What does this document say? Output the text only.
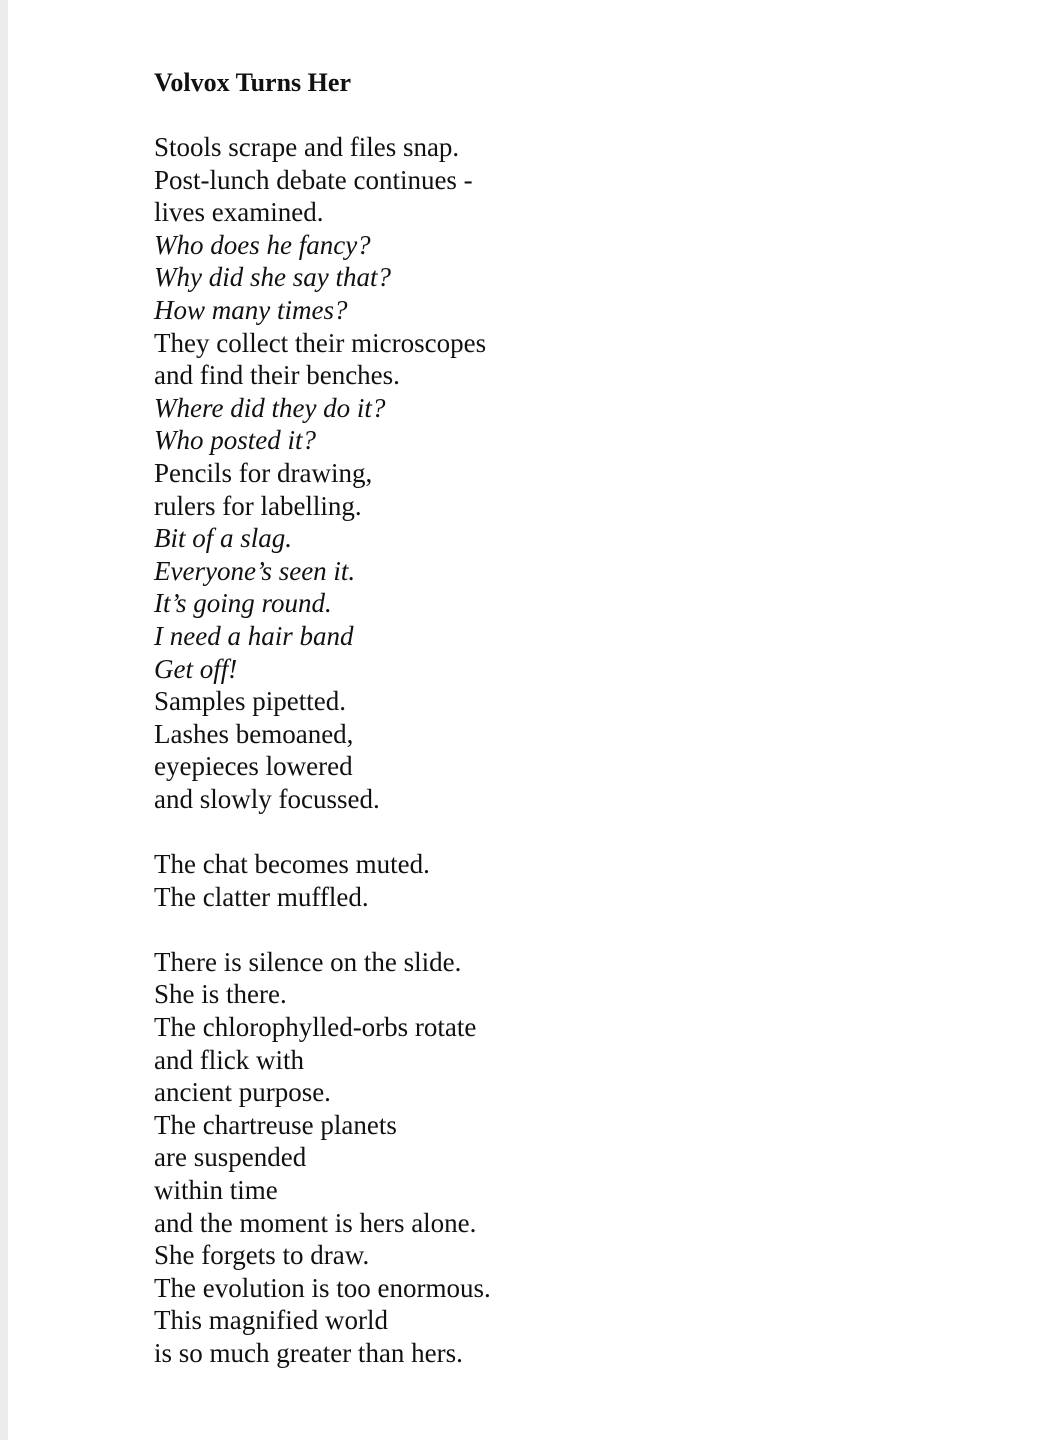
Volvox Turns Her
Stools scrape and files snap.
Post-lunch debate continues -
lives examined.
Who does he fancy?
Why did she say that?
How many times?
They collect their microscopes
and find their benches.
Where did they do it?
Who posted it?
Pencils for drawing,
rulers for labelling.
Bit of a slag.
Everyone’s seen it.
It’s going round.
I need a hair band
Get off!
Samples pipetted.
Lashes bemoaned,
eyepieces lowered
and slowly focussed.
The chat becomes muted.
The clatter muffled.
There is silence on the slide.
She is there.
The chlorophylled-orbs rotate
and flick with
ancient purpose.
The chartreuse planets
are suspended
within time
and the moment is hers alone.
She forgets to draw.
The evolution is too enormous.
This magnified world
is so much greater than hers.
